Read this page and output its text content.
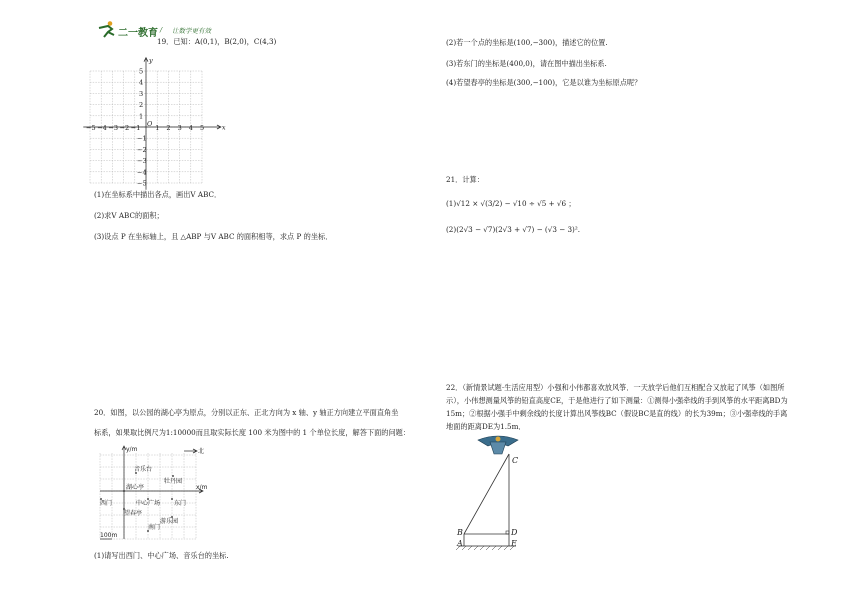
二一教育 / 让数学更有效
19．已知：A(0,1)，B(2,0)，C(4,3)
−5 −4 −3 −2 −1 1 2 3 4 5
5
4
3
2
1
−1
−2
−3
−4
−5
O	x
y
(1)在坐标系中描出各点，画出V ABC．
(2)求V ABC的面积；
(3)设点 P 在坐标轴上，且 △ABP 与V ABC 的面积相等，求点 P 的坐标．
20．如图，以公园的湖心亭为原点，分别以正东、正北方向为 x 轴、y 轴正方向建立平面直角坐
标系，如果取比例尺为1:10000而且取实际长度 100 米为图中的 1 个单位长度，解答下面的问题：
北
y/m
x/m
100m
音乐台
牡丹园
湖心亭
西门	中心广场 东门
望春亭
游乐园
南门
(1)请写出西门、中心广场、音乐台的坐标.
(2)若一个点的坐标是(100,−300)，描述它的位置.
(3)若东门的坐标是(400,0)，请在图中描出坐标系.
(4)若望春亭的坐标是(300,−100)，它是以谁为坐标原点呢？
21．计算：
(1)√12 × √(3/2) − √10 ÷ √5 + √6 ；
(2)(2√3 − √7)(2√3 + √7) − (√3 − 3)².
22．（新情景试题·生活应用型）小强和小伟都喜欢放风筝．一天放学后他们互相配合又放起了风筝（如图所
示），小伟想测量风筝的铅直高度CE，于是他进行了如下测量：①测得小强牵线的手到风筝的水平距离BD为
15m；②根据小强手中剩余线的长度计算出风筝线BC（假设BC是直的线）的长为39m；③小强牵线的手离
地面的距离DE为1.5m．
C
B	D
A	E
